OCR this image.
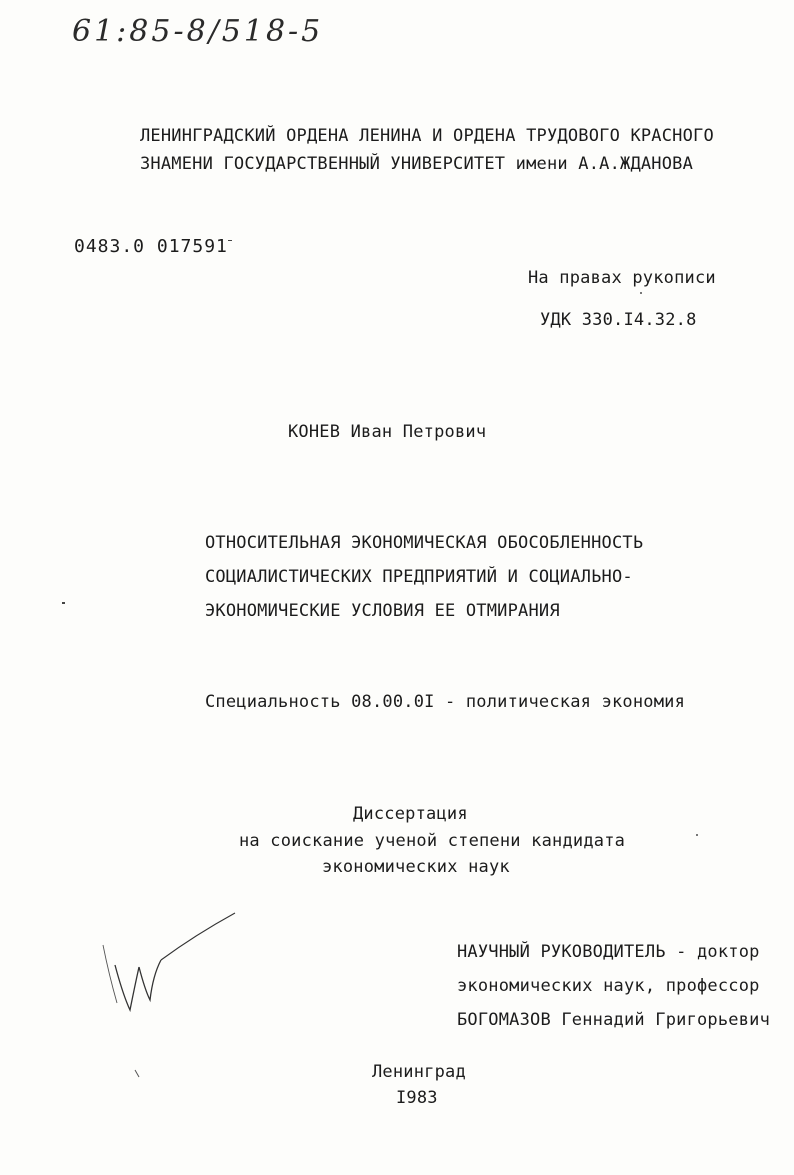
61:85-8/518-5
ЛЕНИНГРАДСКИЙ ОРДЕНА ЛЕНИНА И ОРДЕНА ТРУДОВОГО КРАСНОГО
ЗНАМЕНИ ГОСУДАРСТВЕННЫЙ УНИВЕРСИТЕТ имени А.А.ЖДАНОВА
0483.0 017591
На правах рукописи
УДК 330.I4.32.8
КОНЕВ Иван Петрович
ОТНОСИТЕЛЬНАЯ ЭКОНОМИЧЕСКАЯ ОБОСОБЛЕННОСТЬ
СОЦИАЛИСТИЧЕСКИХ ПРЕДПРИЯТИЙ И СОЦИАЛЬНО-
ЭКОНОМИЧЕСКИЕ УСЛОВИЯ ЕЕ ОТМИРАНИЯ
Специальность 08.00.0I - политическая экономия
Диссертация
на соискание ученой степени кандидата
экономических наук
НАУЧНЫЙ РУКОВОДИТЕЛЬ - доктор
экономических наук, профессор
БОГОМАЗОВ Геннадий Григорьевич
Ленинград
I983
